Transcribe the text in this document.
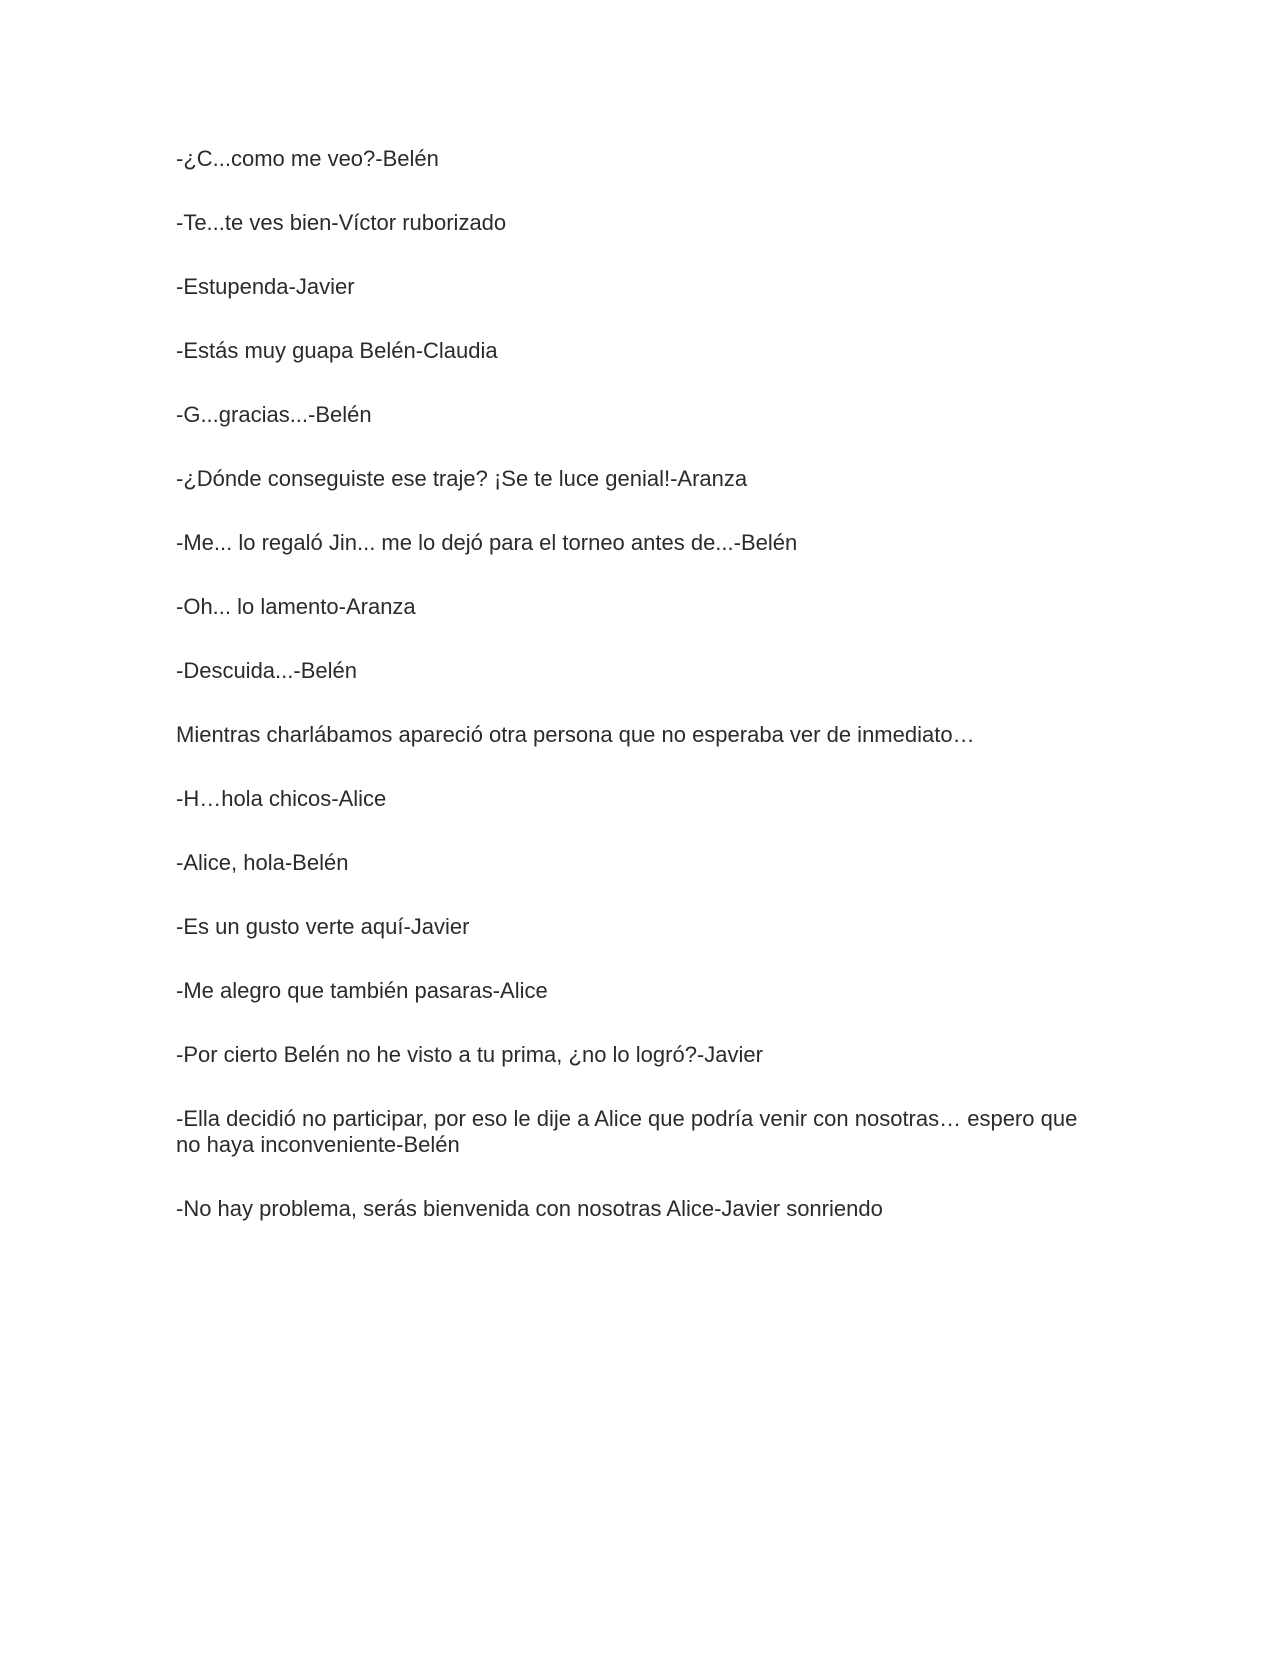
-¿C...como me veo?-Belén

-Te...te ves bien-Víctor ruborizado

-Estupenda-Javier

-Estás muy guapa Belén-Claudia

-G...gracias...-Belén

-¿Dónde conseguiste ese traje? ¡Se te luce genial!-Aranza

-Me... lo regaló Jin... me lo dejó para el torneo antes de...-Belén

-Oh... lo lamento-Aranza

-Descuida...-Belén

Mientras charlábamos apareció otra persona que no esperaba ver de inmediato…

-H…hola chicos-Alice

-Alice, hola-Belén

-Es un gusto verte aquí-Javier

-Me alegro que también pasaras-Alice

-Por cierto Belén no he visto a tu prima, ¿no lo logró?-Javier

-Ella decidió no participar, por eso le dije a Alice que podría venir con nosotras… espero que no haya inconveniente-Belén

-No hay problema, serás bienvenida con nosotras Alice-Javier sonriendo
